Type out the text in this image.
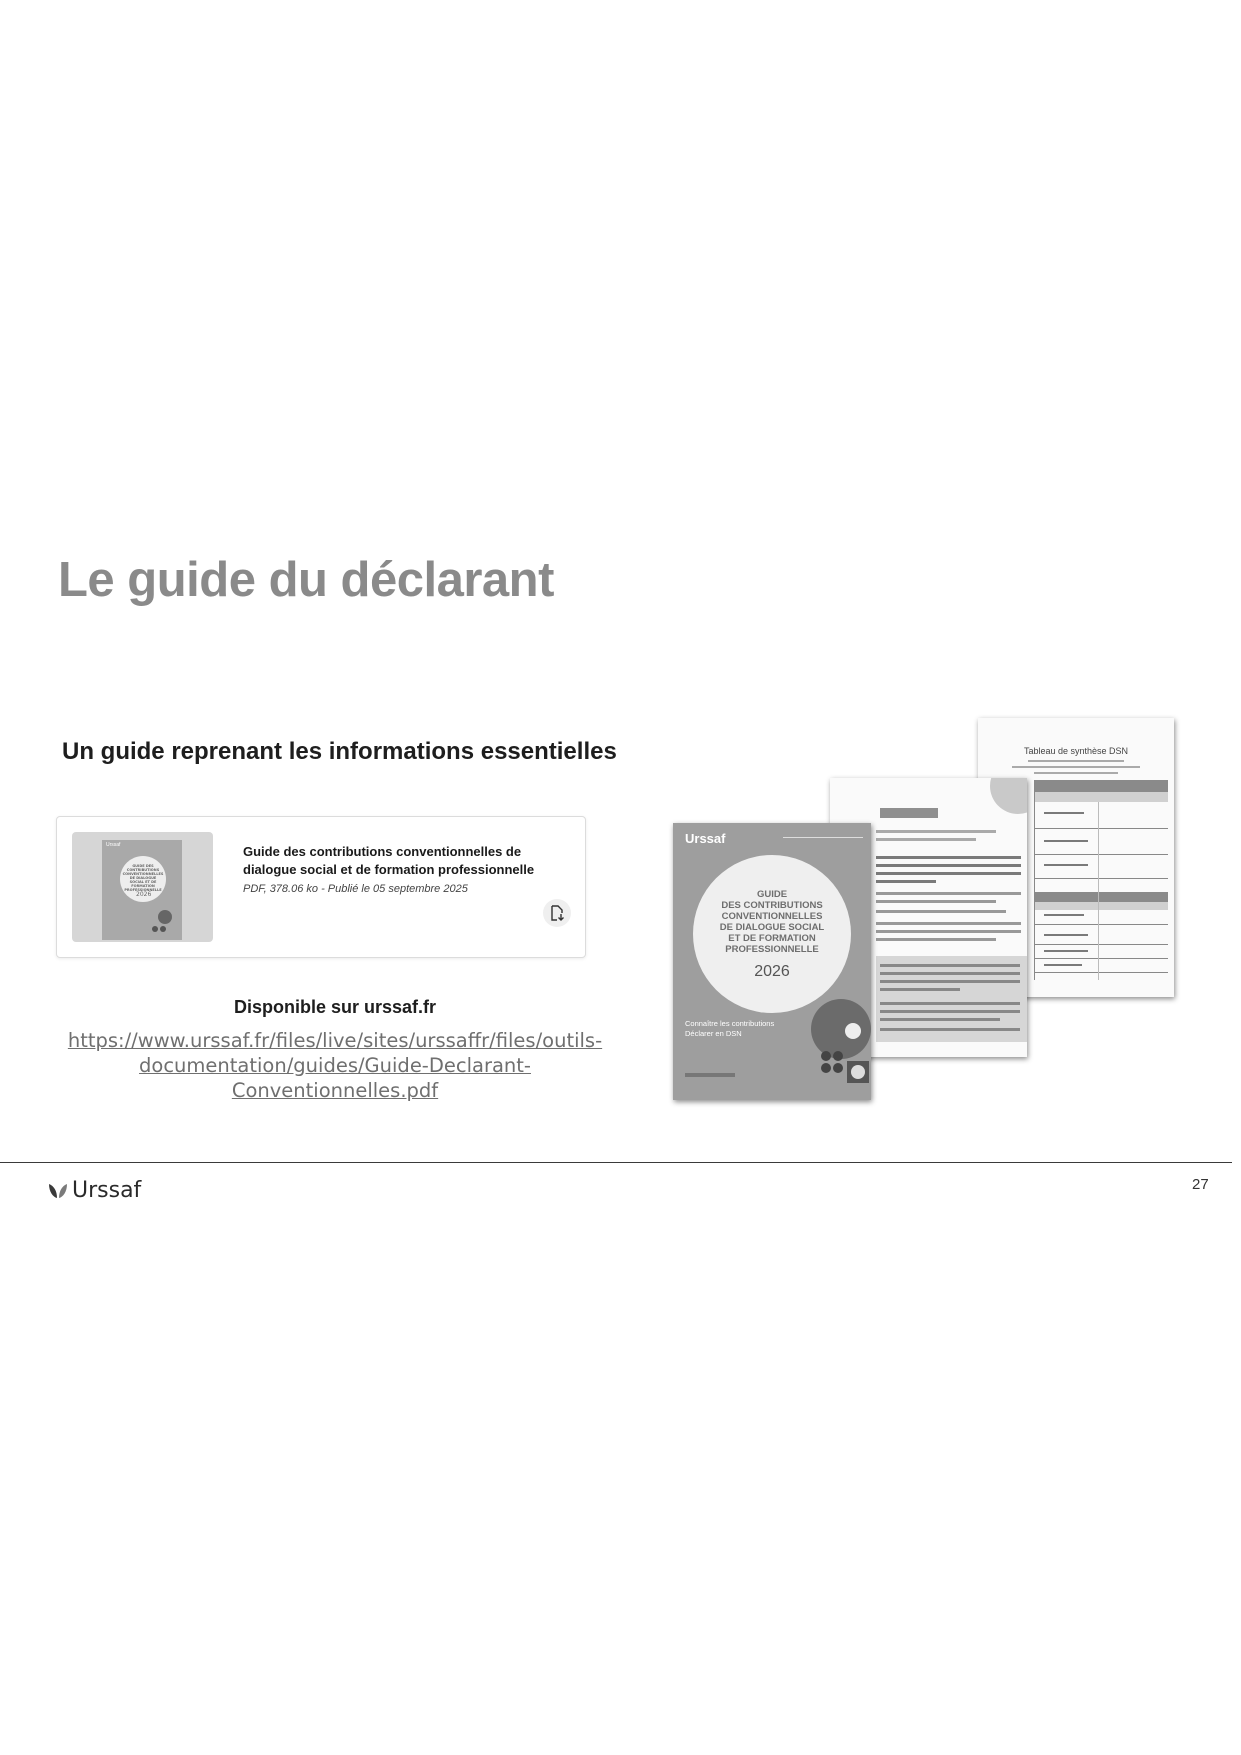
Le guide du déclarant
Un guide reprenant les informations essentielles
Urssaf
GUIDE DES CONTRIBUTIONS CONVENTIONNELLES DE DIALOGUE SOCIAL ET DE FORMATION PROFESSIONNELLE
2026
Guide des contributions conventionnelles de dialogue social et de formation professionnelle
PDF, 378.06 ko - Publié le 05 septembre 2025
Disponible sur urssaf.fr
https://www.urssaf.fr/files/live/sites/urssaffr/files/outils-
documentation/guides/Guide-Declarant-
Conventionnelles.pdf
Tableau de synthèse DSN
Urssaf
GUIDE
DES CONTRIBUTIONS
CONVENTIONNELLES
DE DIALOGUE SOCIAL
ET DE FORMATION
PROFESSIONNELLE
2026
Connaître les contributions
Déclarer en DSN
Urssaf	27
